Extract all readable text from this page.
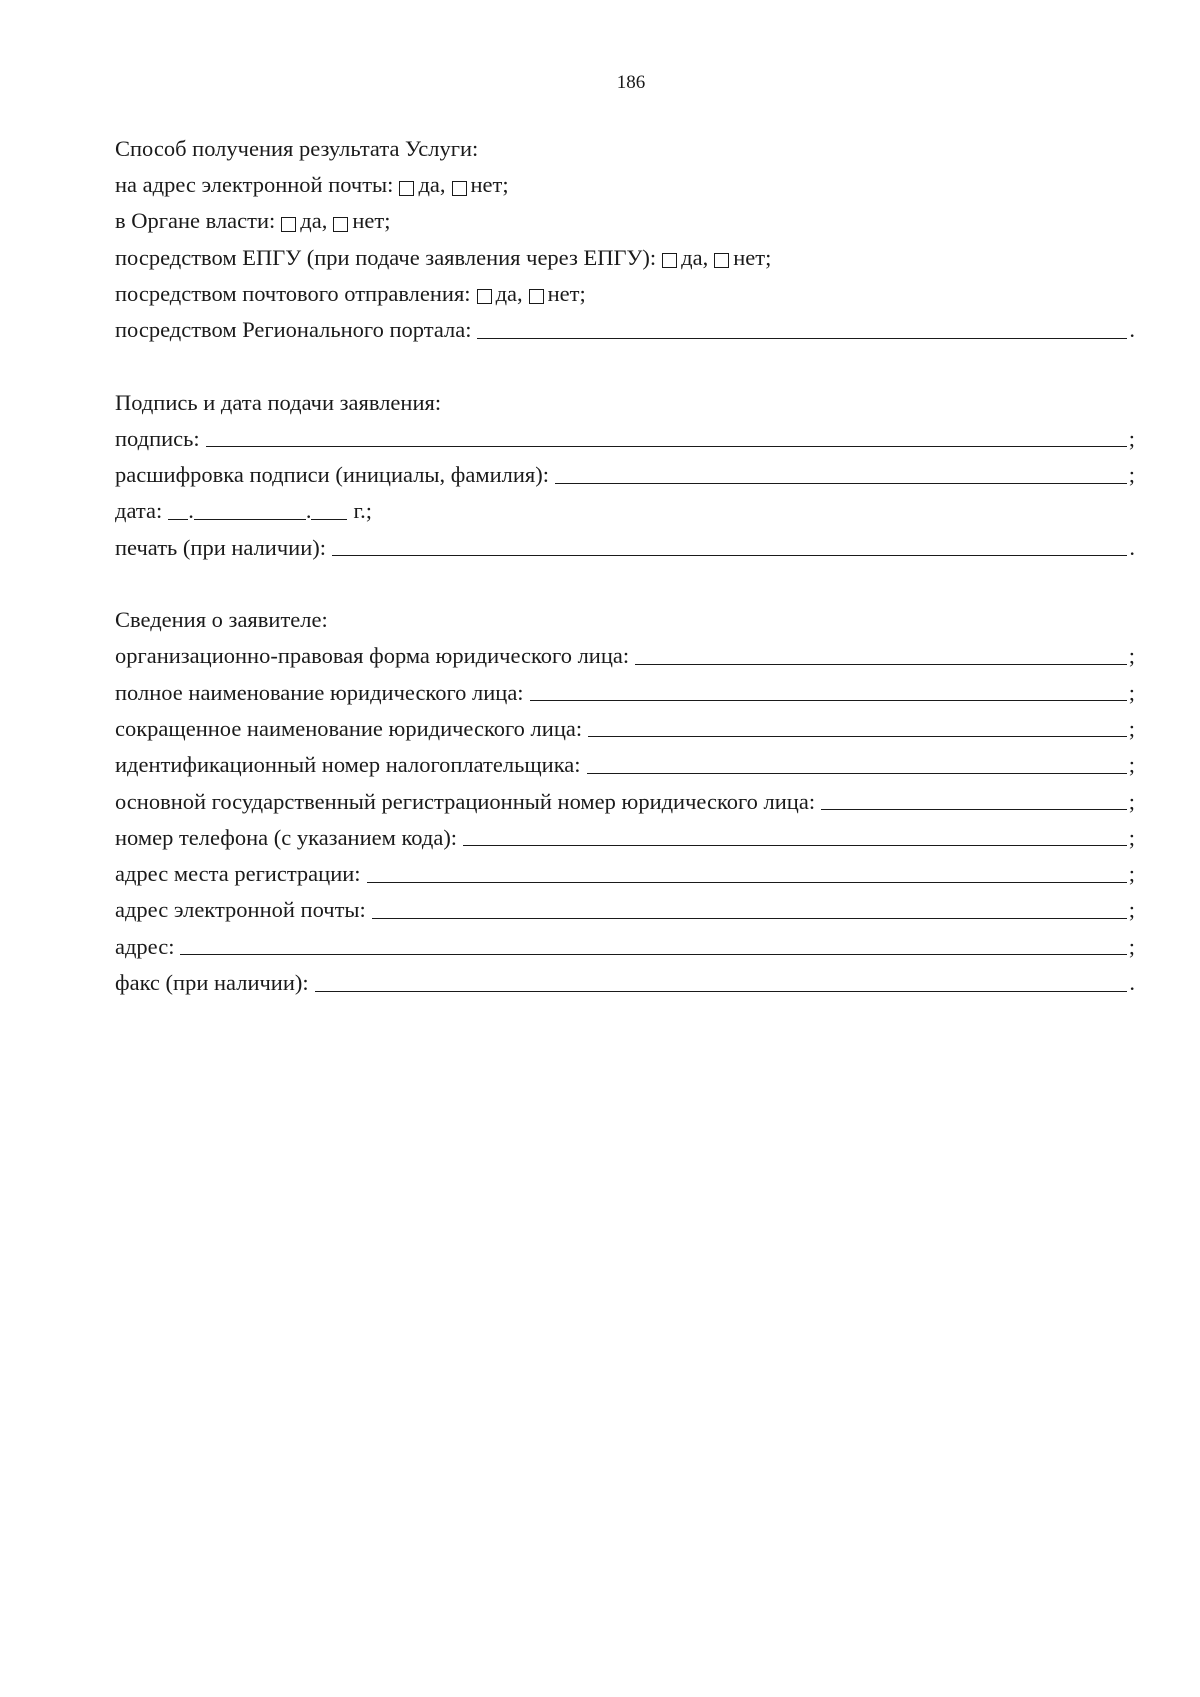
186
Способ получения результата Услуги:
на адрес электронной почты: да, нет;
в Органе власти: да, нет;
посредством ЕПГУ (при подаче заявления через ЕПГУ): да, нет;
посредством почтового отправления: да, нет;
посредством Регионального портала:	.
Подпись и дата подачи заявления:
подпись:	;
расшифровка подписи (инициалы, фамилия):	;
дата: .	. г.;
печать (при наличии):	.
Сведения о заявителе:
организационно-правовая форма юридического лица:	;
полное наименование юридического лица:	;
сокращенное наименование юридического лица:	;
идентификационный номер налогоплательщика:	;
основной государственный регистрационный номер юридического лица:	;
номер телефона (с указанием кода):	;
адрес места регистрации:	;
адрес электронной почты:	;
адрес:	;
факс (при наличии):	.
